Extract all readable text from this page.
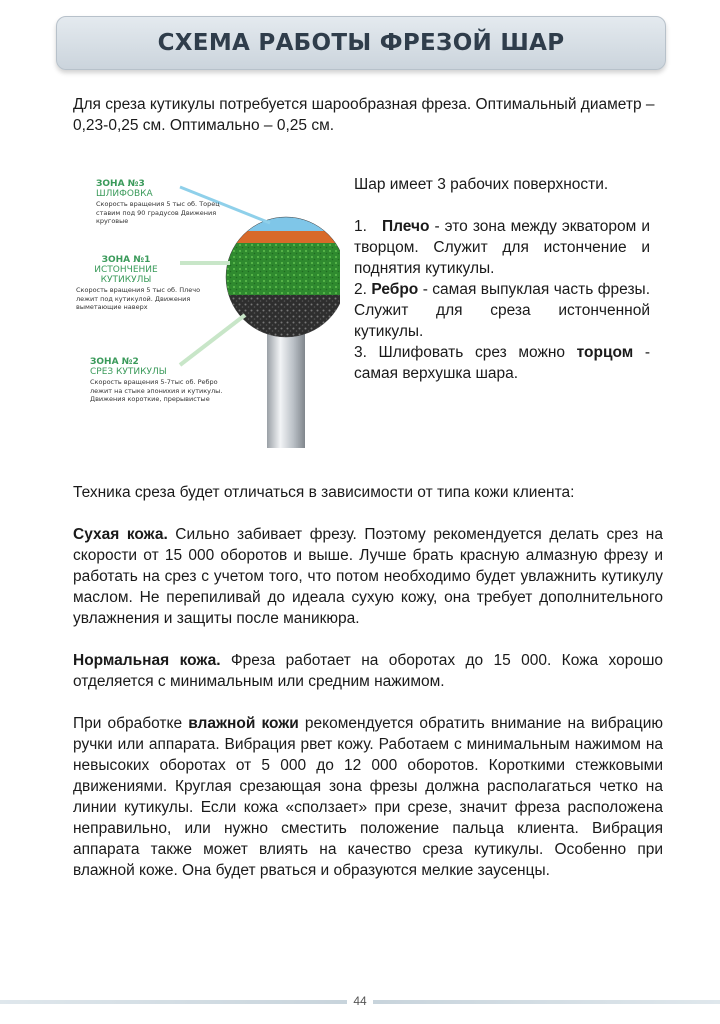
СХЕМА РАБОТЫ ФРЕЗОЙ ШАР
Для среза кутикулы потребуется шарообразная фреза. Оптимальный диаметр – 0,23-0,25 см. Оптимально – 0,25 см.
ЗОНА №3
ШЛИФОВКА
Скорость вращения 5 тыс об. Торец ставим под 90 градусов Движения круговые
ЗОНА №1
ИСТОНЧЕНИЕ КУТИКУЛЫ
Скорость вращения 5 тыс об. Плечо лежит под кутикулой. Движения выметающие наверх
ЗОНА №2
СРЕЗ КУТИКУЛЫ
Скорость вращения 5-7тыс об. Ребро лежит на стыке эпонихия и кутикулы. Движения короткие, прерывистые

Шар имеет 3 рабочих поверхности.

1. Плечо - это зона между экватором и творцом. Служит для истончение и поднятия кутикулы.

2. Ребро - самая выпуклая часть фрезы. Служит для среза истонченной кутикулы.

3. Шлифовать срез можно торцом - самая верхушка шара.

Техника среза будет отличаться в зависимости от типа кожи клиента:

Сухая кожа. Сильно забивает фрезу. Поэтому рекомендуется делать срез на скорости от 15 000 оборотов и выше. Лучше брать красную алмазную фрезу и работать на срез с учетом того, что потом необходимо будет увлажнить кутикулу маслом. Не перепиливай до идеала сухую кожу, она требует дополнительного увлажнения и защиты после маникюра.

Нормальная кожа. Фреза работает на оборотах до 15 000. Кожа хорошо отделяется с минимальным или средним нажимом.

При обработке влажной кожи рекомендуется обратить внимание на вибрацию ручки или аппарата. Вибрация рвет кожу. Работаем с минимальным нажимом на невысоких оборотах от 5 000 до 12 000 оборотов. Короткими стежковыми движениями. Круглая срезающая зона фрезы должна располагаться четко на линии кутикулы. Если кожа «сползает» при срезе, значит фреза расположена неправильно, или нужно сместить положение пальца клиента. Вибрация аппарата также может влиять на качество среза кутикулы. Особенно при влажной коже. Она будет рваться и образуются мелкие заусенцы.

44
